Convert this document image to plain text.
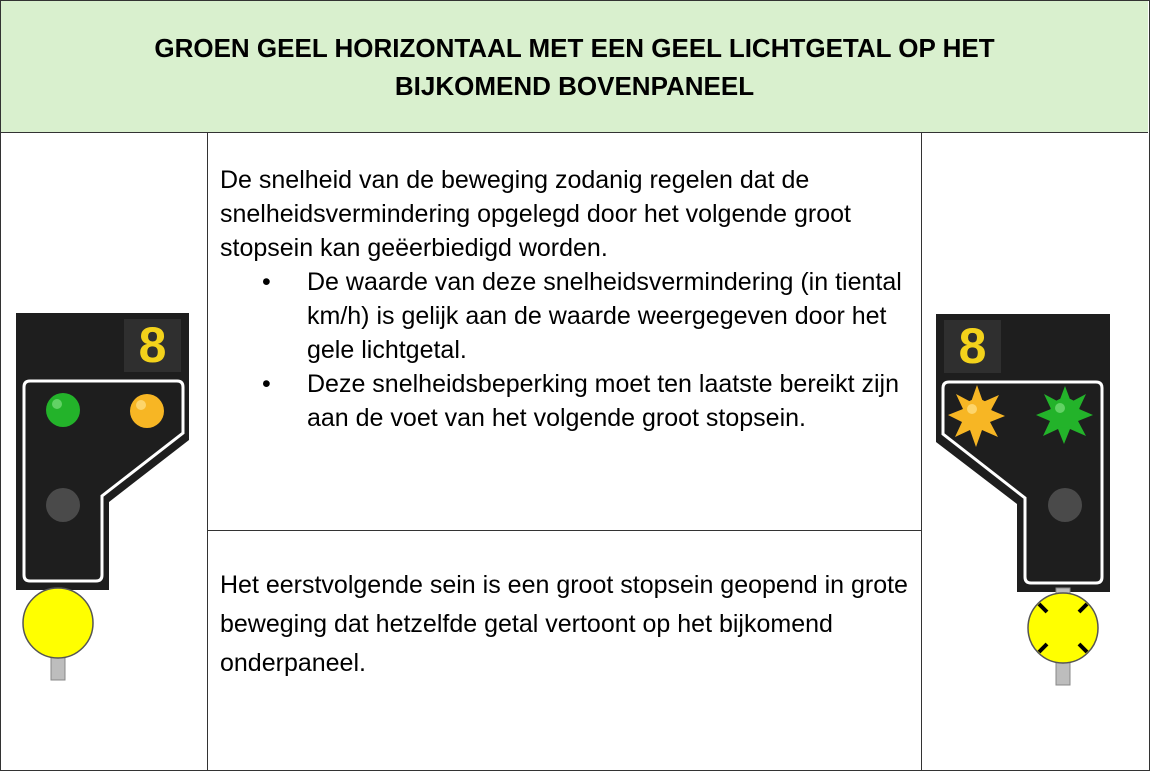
GROEN GEEL HORIZONTAAL MET EEN GEEL LICHTGETAL OP HET
BIJKOMEND BOVENPANEEL

De snelheid van de beweging zodanig regelen dat de snelheidsvermindering opgelegd door het volgende groot stopsein kan geëerbiedigd worden.

• De waarde van deze snelheidsvermindering (in tiental km/h) is gelijk aan de waarde weergegeven door het gele lichtgetal.
• Deze snelheidsbeperking moet ten laatste bereikt zijn aan de voet van het volgende groot stopsein.

Het eerstvolgende sein is een groot stopsein geopend in grote beweging dat hetzelfde getal vertoont op het bijkomend onderpaneel.

8	8
